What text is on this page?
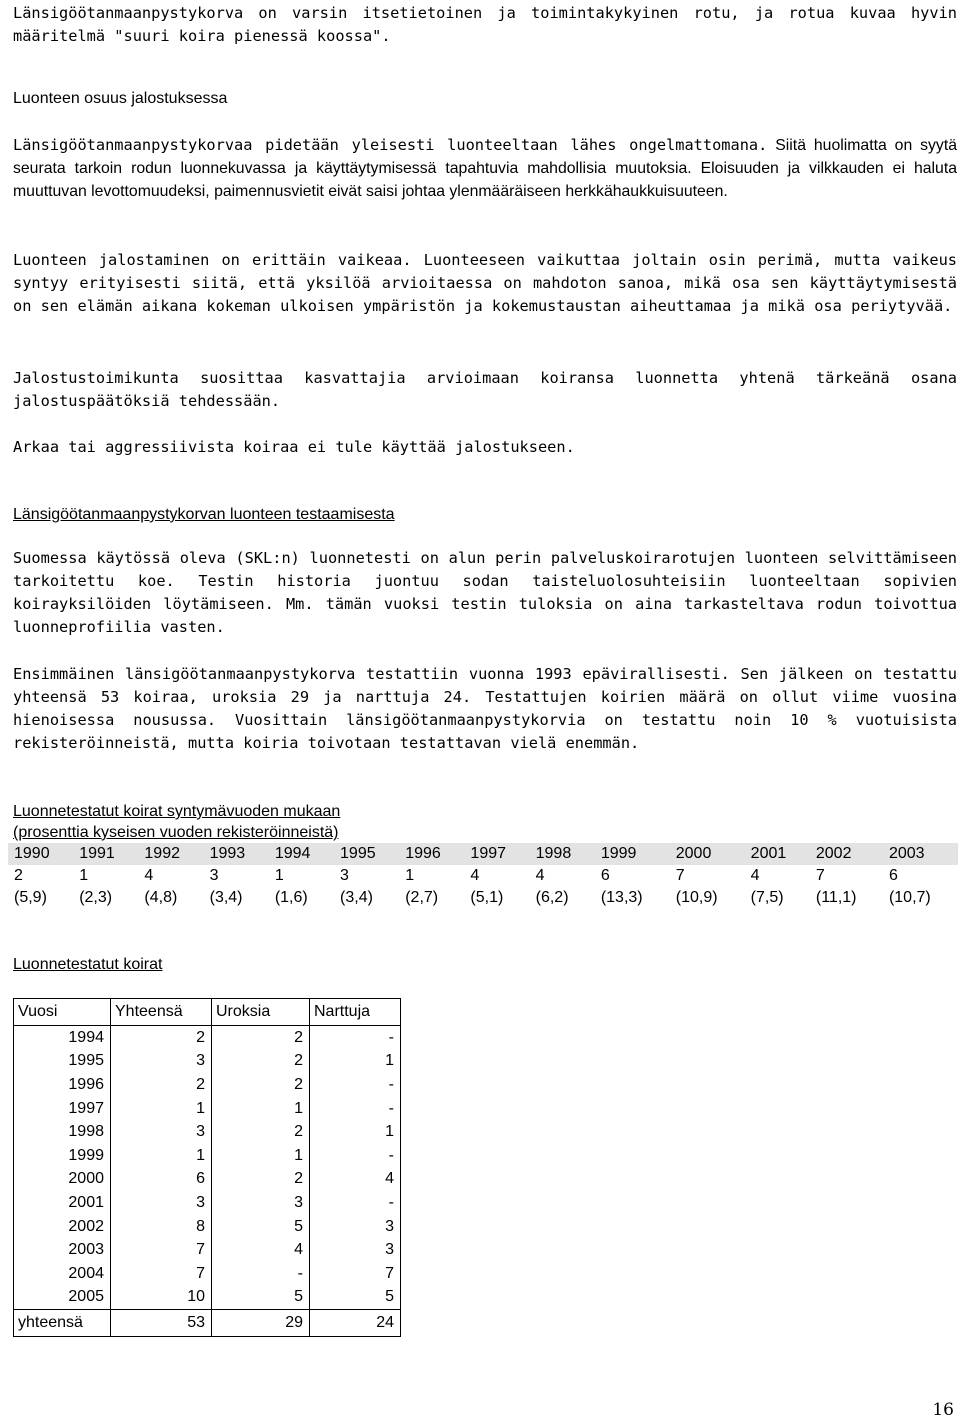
Länsigöötanmaanpystykorva on varsin itsetietoinen ja toimintakykyinen rotu, ja rotua kuvaa hyvin määritelmä "suuri koira pienessä koossa".

Luonteen osuus jalostuksessa

Länsigöötanmaanpystykorvaa pidetään yleisesti luonteeltaan lähes ongelmattomana. Siitä huolimatta on syytä seurata tarkoin rodun luonnekuvassa ja käyttäytymisessä tapahtuvia mahdollisia muutoksia. Eloisuuden ja vilkkauden ei haluta muuttuvan levottomuudeksi, paimennusvietit eivät saisi johtaa ylenmääräiseen herkkähaukkuisuuteen.

Luonteen jalostaminen on erittäin vaikeaa. Luonteeseen vaikuttaa joltain osin perimä, mutta vaikeus syntyy erityisesti siitä, että yksilöä arvioitaessa on mahdoton sanoa, mikä osa sen käyttäytymisestä on sen elämän aikana kokeman ulkoisen ympäristön ja kokemustaustan aiheuttamaa ja mikä osa periytyvää.

Jalostustoimikunta suosittaa kasvattajia arvioimaan koiransa luonnetta yhtenä tärkeänä osana jalostuspäätöksiä tehdessään.

Arkaa tai aggressiivista koiraa ei tule käyttää jalostukseen.

Länsigöötanmaanpystykorvan luonteen testaamisesta

Suomessa käytössä oleva (SKL:n) luonnetesti on alun perin palveluskoirarotujen luonteen selvittämiseen tarkoitettu koe. Testin historia juontuu sodan taisteluolosuhteisiin luonteeltaan sopivien koirayksilöiden löytämiseen. Mm. tämän vuoksi testin tuloksia on aina tarkasteltava rodun toivottua luonneprofiilia vasten.

Ensimmäinen länsigöötanmaanpystykorva testattiin vuonna 1993 epävirallisesti. Sen jälkeen on testattu yhteensä 53 koiraa, uroksia 29 ja narttuja 24. Testattujen koirien määrä on ollut viime vuosina hienoisessa nousussa. Vuosittain länsigöötanmaanpystykorvia on testattu noin 10 % vuotuisista rekisteröinneistä, mutta koiria toivotaan testattavan vielä enemmän.

Luonnetestatut koirat syntymävuoden mukaan
(prosenttia kyseisen vuoden rekisteröinneistä)
1990	1991	1992	1993	1994	1995	1996	1997	1998	1999	2000	2001	2002	2003
2	1	4	3	1	3	1	4	4	6	7	4	7	6
(5,9)	(2,3)	(4,8)	(3,4)	(1,6)	(3,4)	(2,7)	(5,1)	(6,2)	(13,3)	(10,9)	(7,5)	(11,1)	(10,7)
Luonnetestatut koirat
Vuosi	Yhteensä	Uroksia	Narttuja
1994	2	2	-
1995	3	2	1
1996	2	2	-
1997	1	1	-
1998	3	2	1
1999	1	1	-
2000	6	2	4
2001	3	3	-
2002	8	5	3
2003	7	4	3
2004	7	-	7
2005	10	5	5
yhteensä	53	29	24
16
